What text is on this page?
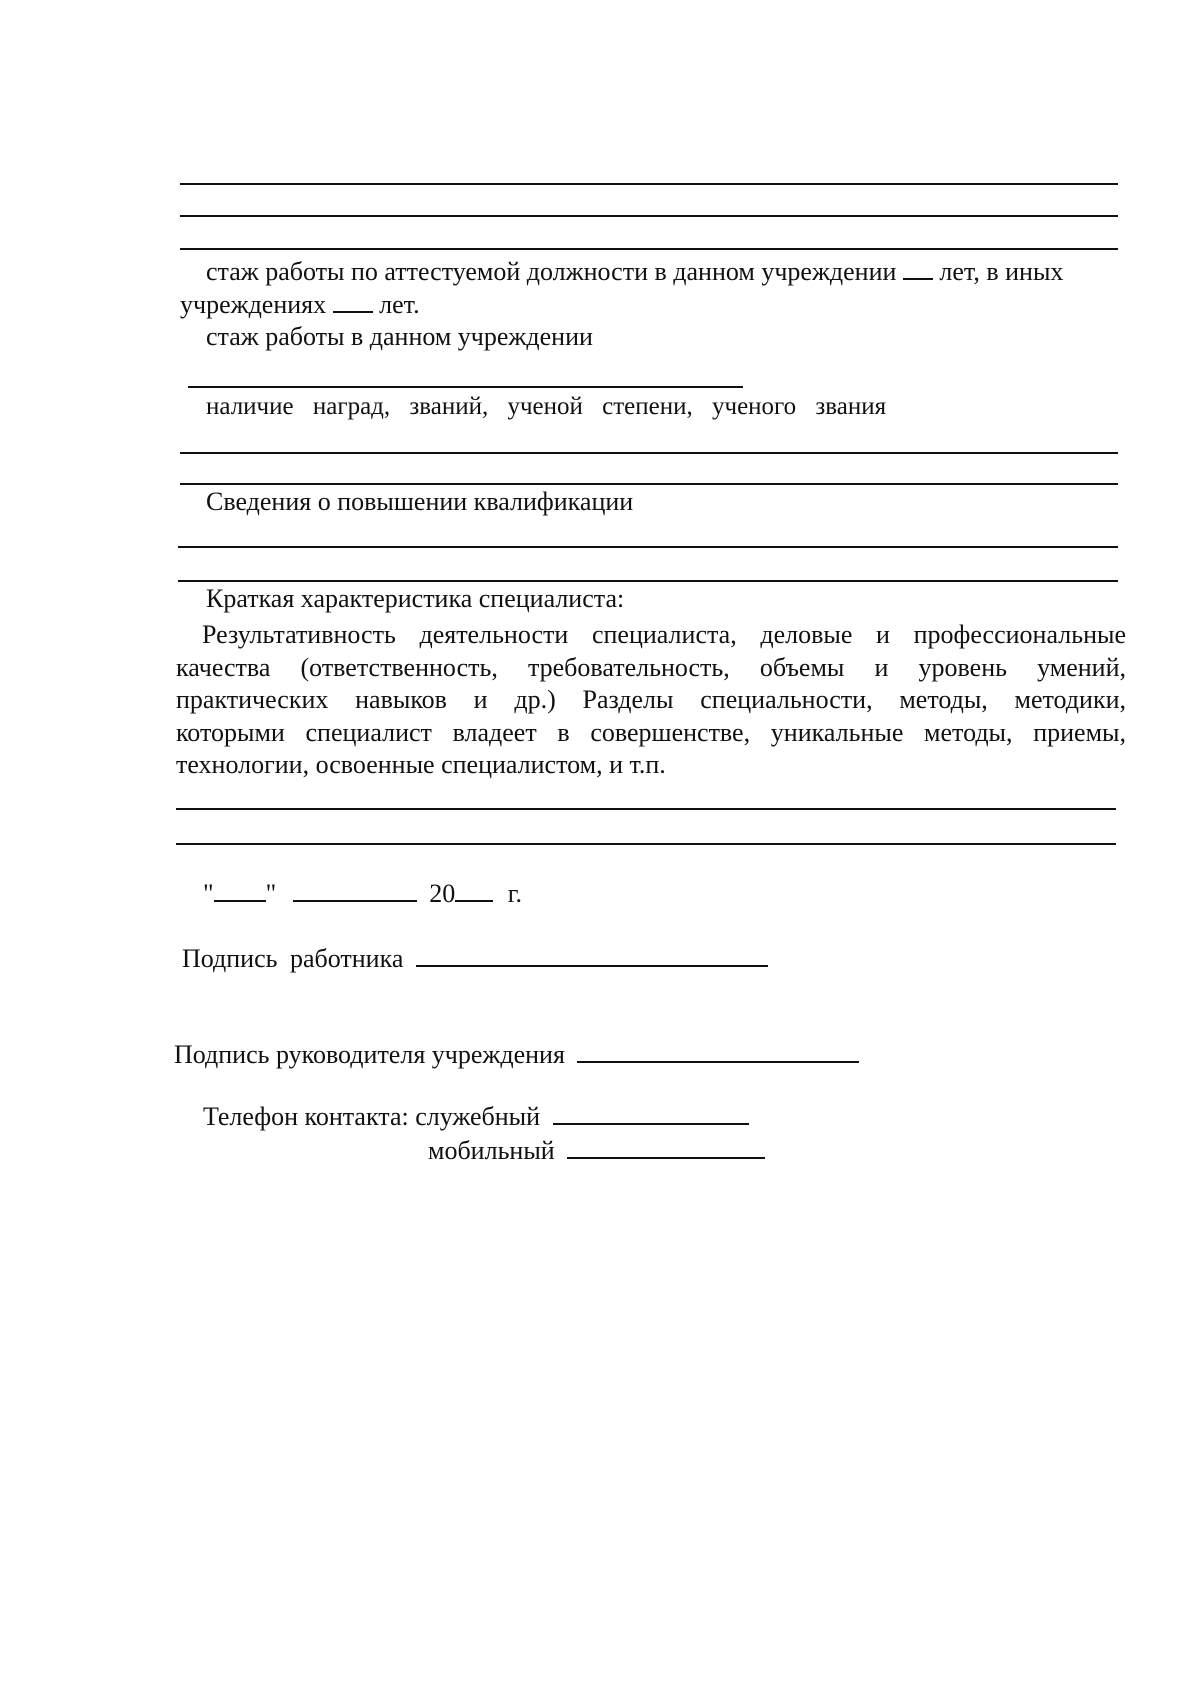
стаж работы по аттестуемой должности в данном учреждении лет, в иных
учреждениях лет.
стаж работы в данном учреждении
наличие наград, званий, ученой степени, ученого звания
Сведения о повышении квалификации
Краткая характеристика специалиста:
Результативность деятельности специалиста, деловые и профессиональные
качества (ответственность, требовательность, объемы и уровень умений,
практических навыков и др.) Разделы специальности, методы, методики,
которыми специалист владеет в совершенстве, уникальные методы, приемы,
технологии, освоенные специалистом, и т.п.
" "	20 г.
Подпись работника
Подпись руководителя учреждения
Телефон контакта: служебный
мобильный
